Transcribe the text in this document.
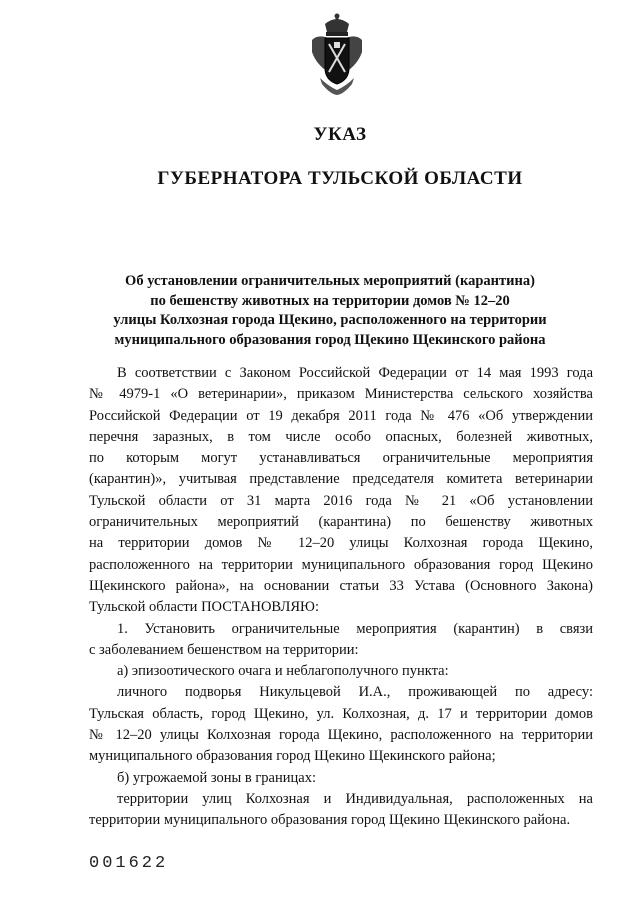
УКАЗ
ГУБЕРНАТОРА ТУЛЬСКОЙ ОБЛАСТИ
Об установлении ограничительных мероприятий (карантина)
по бешенству животных на территории домов № 12–20
улицы Колхозная города Щекино, расположенного на территории
муниципального образования город Щекино Щекинского района
В соответствии с Законом Российской Федерации от 14 мая 1993 года
№ 4979-1 «О ветеринарии», приказом Министерства сельского хозяйства
Российской Федерации от 19 декабря 2011 года № 476 «Об утверждении
перечня заразных, в том числе особо опасных, болезней животных,
по которым могут устанавливаться ограничительные мероприятия
(карантин)», учитывая представление председателя комитета ветеринарии
Тульской области от 31 марта 2016 года № 21 «Об установлении
ограничительных мероприятий (карантина) по бешенству животных
на территории домов № 12–20 улицы Колхозная города Щекино,
расположенного на территории муниципального образования город Щекино
Щекинского района», на основании статьи 33 Устава (Основного Закона)
Тульской области ПОСТАНОВЛЯЮ:
1. Установить ограничительные мероприятия (карантин) в связи
с заболеванием бешенством на территории:
а) эпизоотического очага и неблагополучного пункта:
личного подворья Никульцевой И.А., проживающей по адресу:
Тульская область, город Щекино, ул. Колхозная, д. 17 и территории домов
№ 12–20 улицы Колхозная города Щекино, расположенного на территории
муниципального образования город Щекино Щекинского района;
б) угрожаемой зоны в границах:
территории улиц Колхозная и Индивидуальная, расположенных на
территории муниципального образования город Щекино Щекинского района.
001622
